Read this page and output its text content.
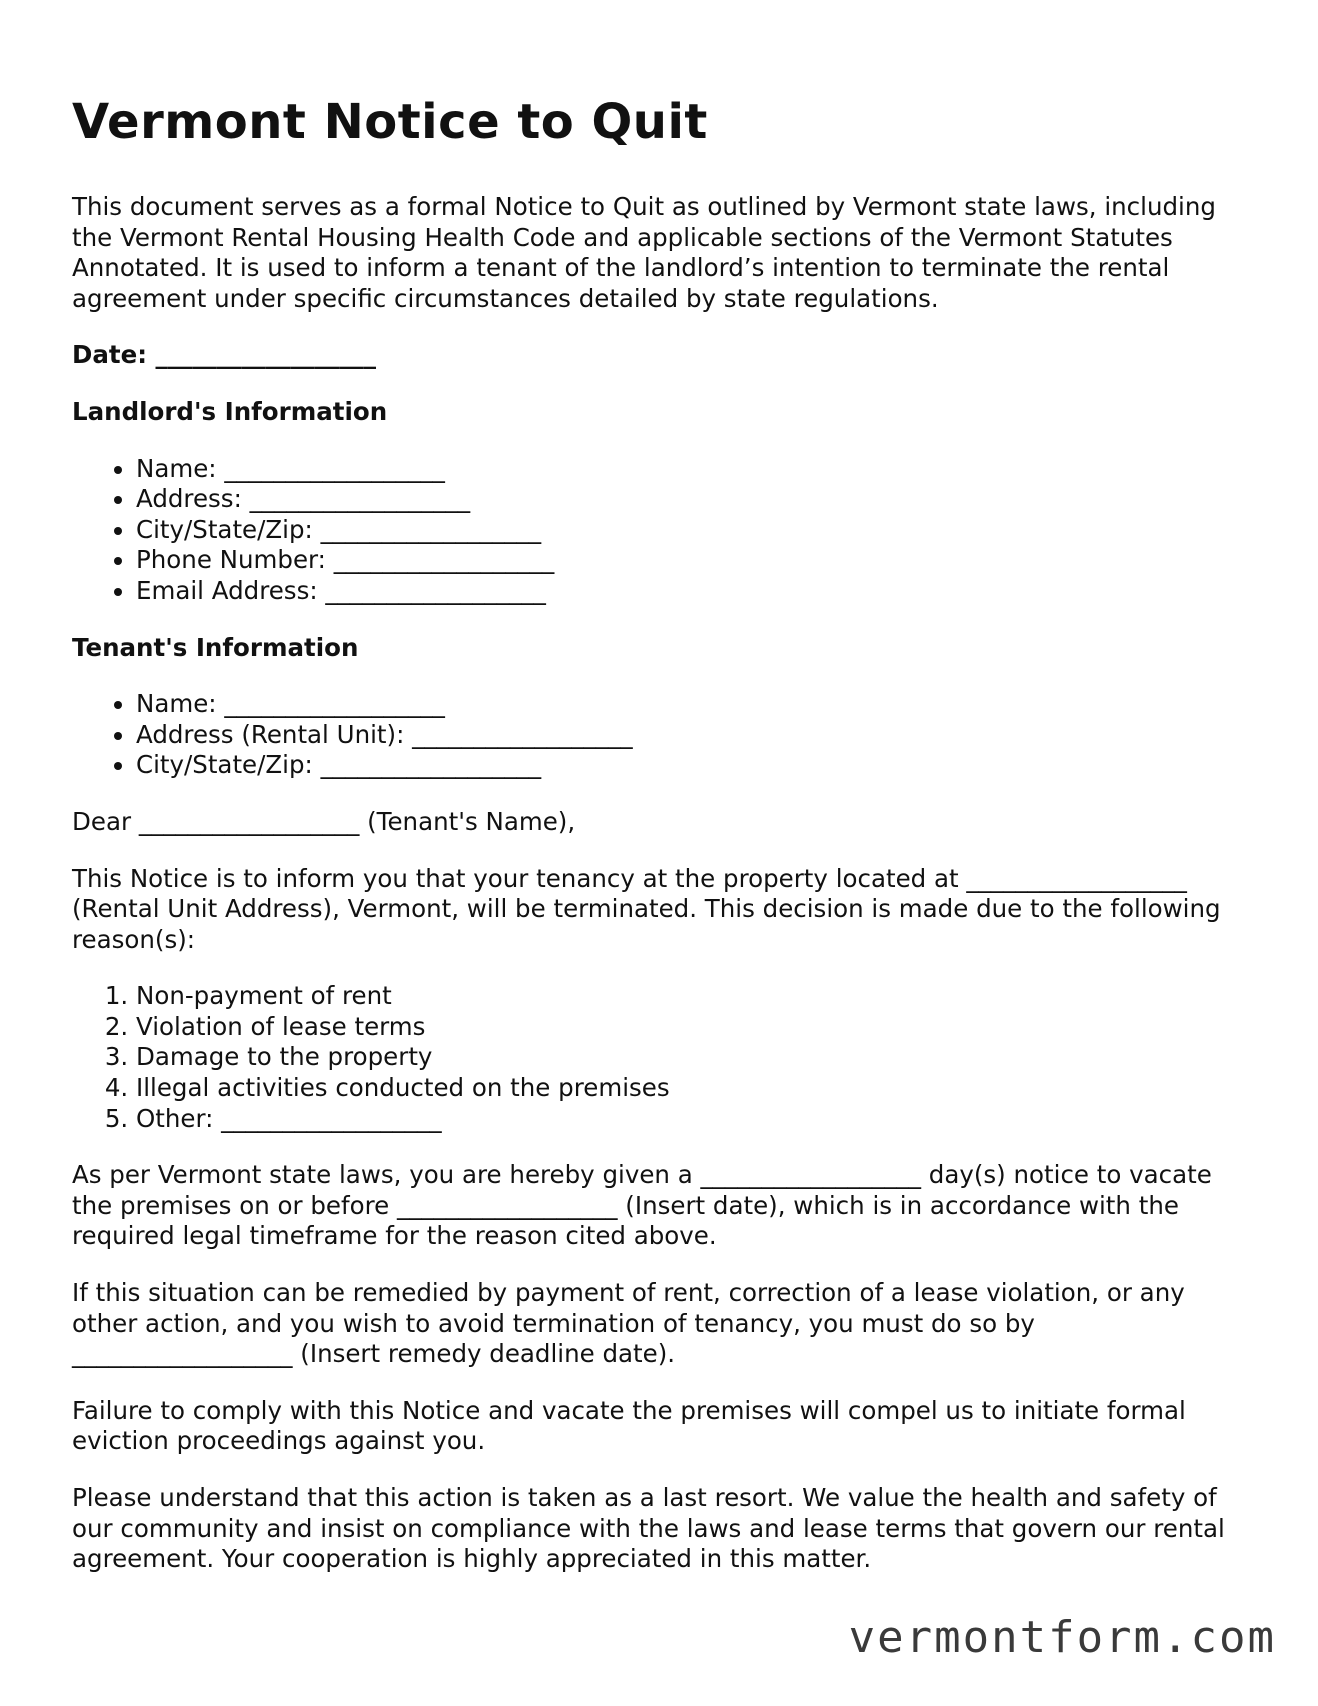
Vermont Notice to Quit

This document serves as a formal Notice to Quit as outlined by Vermont state laws, including the Vermont Rental Housing Health Code and applicable sections of the Vermont Statutes Annotated. It is used to inform a tenant of the landlord’s intention to terminate the rental agreement under specific circumstances detailed by state regulations.

Date: __________________

Landlord's Information
• Name: __________________
• Address: __________________
• City/State/Zip: __________________
• Phone Number: __________________
• Email Address: __________________
Tenant's Information
• Name: __________________
• Address (Rental Unit): __________________
• City/State/Zip: __________________

Dear __________________ (Tenant's Name),

This Notice is to inform you that your tenancy at the property located at __________________ (Rental Unit Address), Vermont, will be terminated. This decision is made due to the following reason(s):

1. Non-payment of rent
2. Violation of lease terms
3. Damage to the property
4. Illegal activities conducted on the premises
5. Other: __________________

As per Vermont state laws, you are hereby given a __________________ day(s) notice to vacate the premises on or before __________________ (Insert date), which is in accordance with the required legal timeframe for the reason cited above.

If this situation can be remedied by payment of rent, correction of a lease violation, or any other action, and you wish to avoid termination of tenancy, you must do so by __________________ (Insert remedy deadline date).

Failure to comply with this Notice and vacate the premises will compel us to initiate formal eviction proceedings against you.

Please understand that this action is taken as a last resort. We value the health and safety of our community and insist on compliance with the laws and lease terms that govern our rental agreement. Your cooperation is highly appreciated in this matter.

vermontform.com
